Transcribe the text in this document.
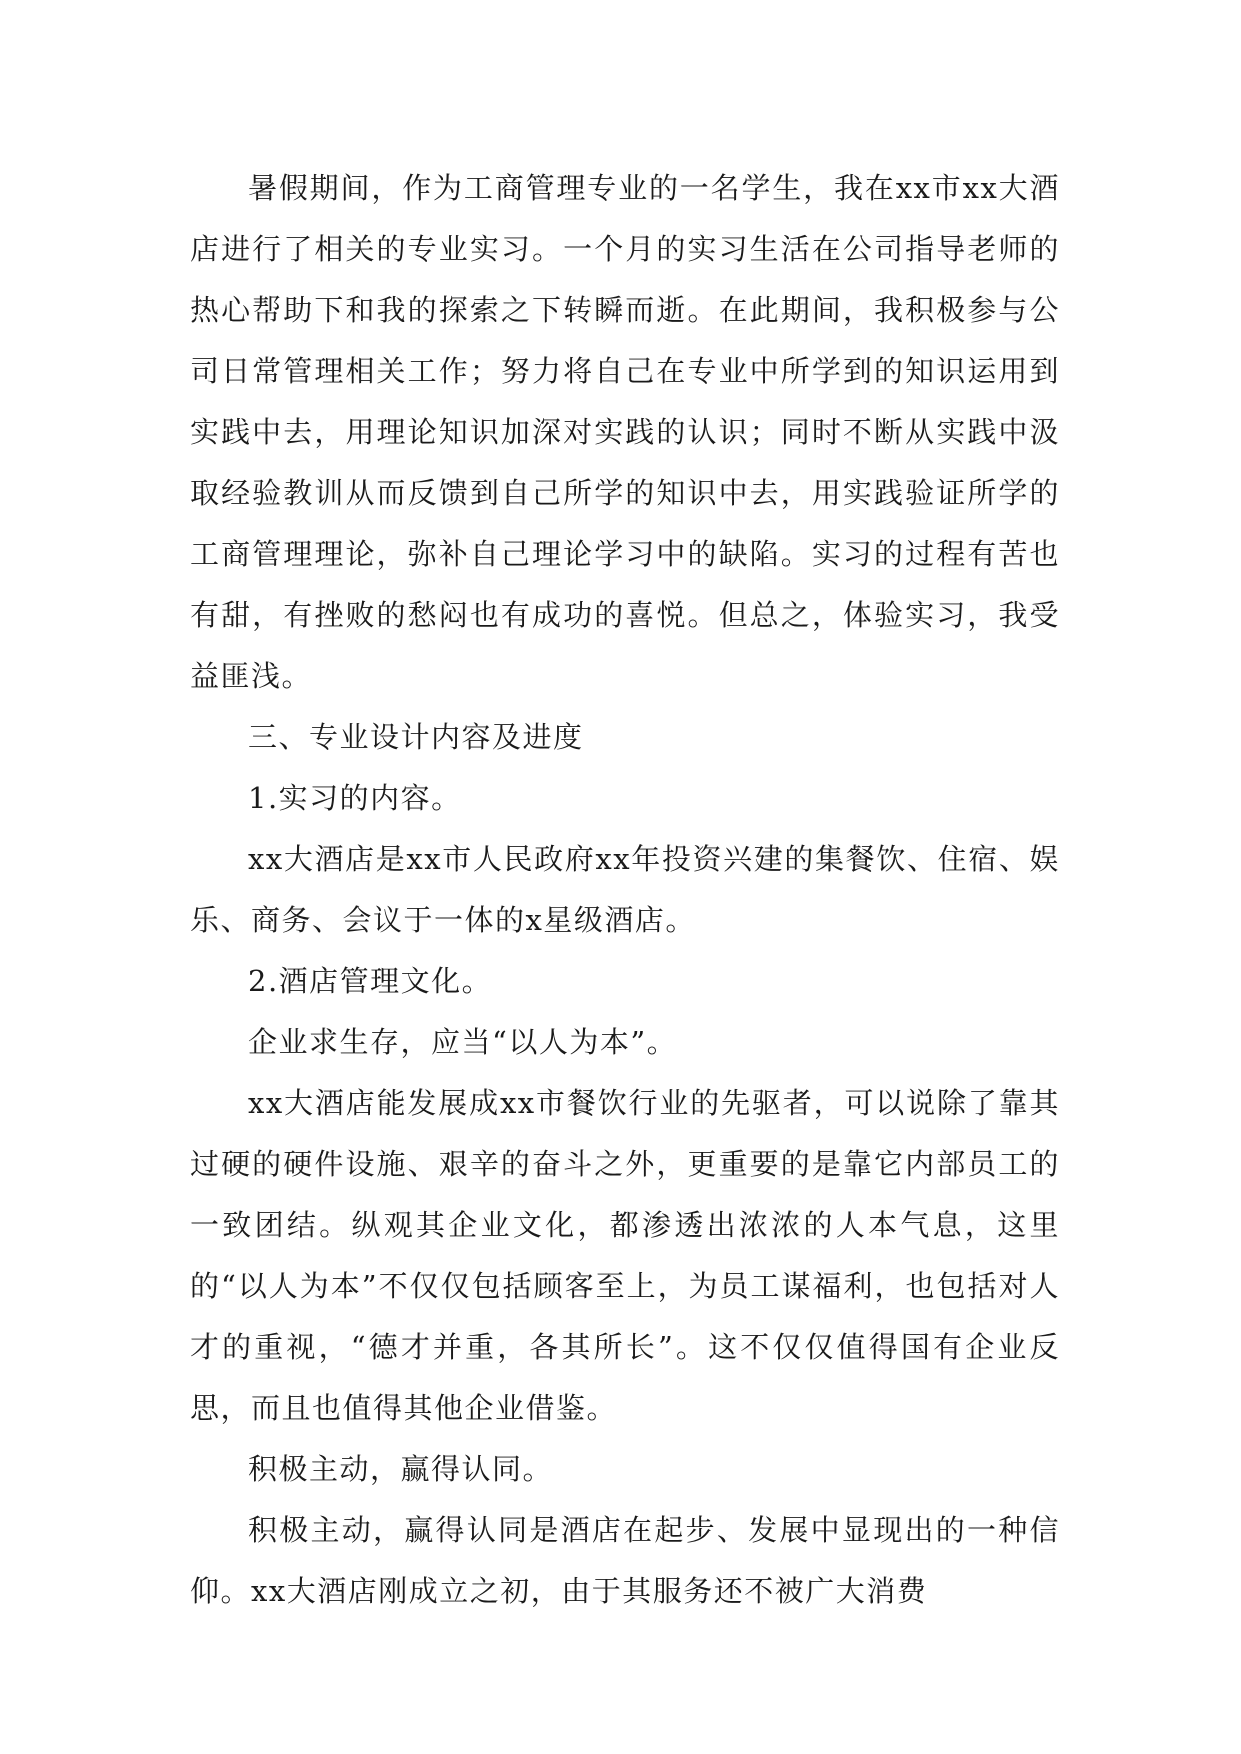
暑假期间，作为工商管理专业的一名学生，我在xx市xx大酒店进行了相关的专业实习。一个月的实习生活在公司指导老师的热心帮助下和我的探索之下转瞬而逝。在此期间，我积极参与公司日常管理相关工作；努力将自己在专业中所学到的知识运用到实践中去，用理论知识加深对实践的认识；同时不断从实践中汲取经验教训从而反馈到自己所学的知识中去，用实践验证所学的工商管理理论，弥补自己理论学习中的缺陷。实习的过程有苦也有甜，有挫败的愁闷也有成功的喜悦。但总之，体验实习，我受益匪浅。

三、专业设计内容及进度

1.实习的内容。

xx大酒店是xx市人民政府xx年投资兴建的集餐饮、住宿、娱乐、商务、会议于一体的x星级酒店。

2.酒店管理文化。

企业求生存，应当“以人为本”。

xx大酒店能发展成xx市餐饮行业的先驱者，可以说除了靠其过硬的硬件设施、艰辛的奋斗之外，更重要的是靠它内部员工的一致团结。纵观其企业文化，都渗透出浓浓的人本气息，这里的“以人为本”不仅仅包括顾客至上，为员工谋福利，也包括对人才的重视，“德才并重，各其所长”。这不仅仅值得国有企业反思，而且也值得其他企业借鉴。

积极主动，赢得认同。

积极主动，赢得认同是酒店在起步、发展中显现出的一种信仰。xx大酒店刚成立之初，由于其服务还不被广大消费
